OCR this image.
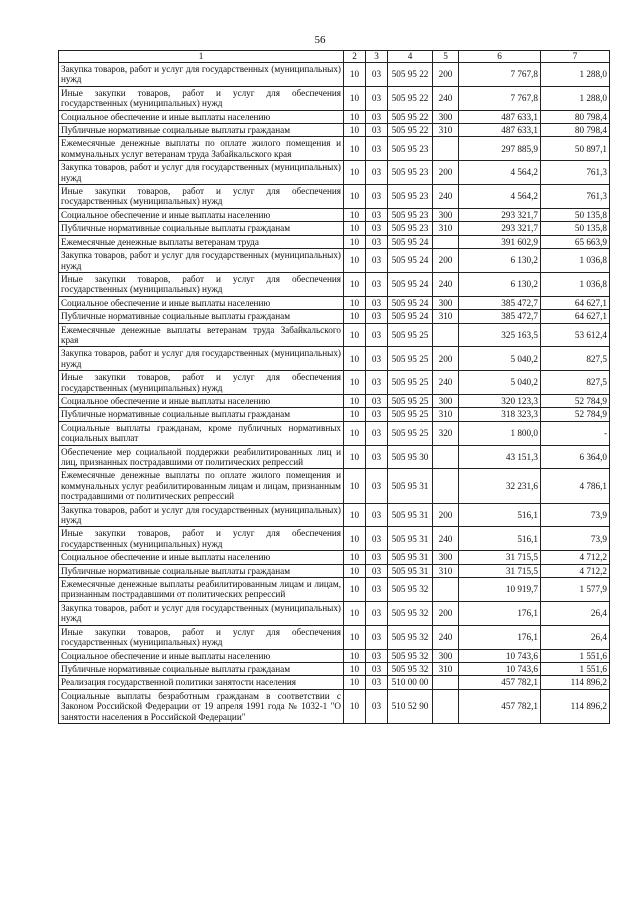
56
1	2	3	4	5	6	7
Закупка товаров, работ и услуг для государственных (муниципальных) нужд	10	03	505 95 22	200	7 767,8	1 288,0
Иные закупки товаров, работ и услуг для обеспечения государственных (муниципальных) нужд	10	03	505 95 22	240	7 767,8	1 288,0
Социальное обеспечение и иные выплаты населению	10	03	505 95 22	300	487 633,1	80 798,4
Публичные нормативные социальные выплаты гражданам	10	03	505 95 22	310	487 633,1	80 798,4
Ежемесячные денежные выплаты по оплате жилого помещения и коммунальных услуг ветеранам труда Забайкальского края	10	03	505 95 23		297 885,9	50 897,1
Закупка товаров, работ и услуг для государственных (муниципальных) нужд	10	03	505 95 23	200	4 564,2	761,3
Иные закупки товаров, работ и услуг для обеспечения государственных (муниципальных) нужд	10	03	505 95 23	240	4 564,2	761,3
Социальное обеспечение и иные выплаты населению	10	03	505 95 23	300	293 321,7	50 135,8
Публичные нормативные социальные выплаты гражданам	10	03	505 95 23	310	293 321,7	50 135,8
Ежемесячные денежные выплаты ветеранам труда	10	03	505 95 24		391 602,9	65 663,9
Закупка товаров, работ и услуг для государственных (муниципальных) нужд	10	03	505 95 24	200	6 130,2	1 036,8
Иные закупки товаров, работ и услуг для обеспечения государственных (муниципальных) нужд	10	03	505 95 24	240	6 130,2	1 036,8
Социальное обеспечение и иные выплаты населению	10	03	505 95 24	300	385 472,7	64 627,1
Публичные нормативные социальные выплаты гражданам	10	03	505 95 24	310	385 472,7	64 627,1
Ежемесячные денежные выплаты ветеранам труда Забайкальского края	10	03	505 95 25		325 163,5	53 612,4
Закупка товаров, работ и услуг для государственных (муниципальных) нужд	10	03	505 95 25	200	5 040,2	827,5
Иные закупки товаров, работ и услуг для обеспечения государственных (муниципальных) нужд	10	03	505 95 25	240	5 040,2	827,5
Социальное обеспечение и иные выплаты населению	10	03	505 95 25	300	320 123,3	52 784,9
Публичные нормативные социальные выплаты гражданам	10	03	505 95 25	310	318 323,3	52 784,9
Социальные выплаты гражданам, кроме публичных нормативных социальных выплат	10	03	505 95 25	320	1 800,0	-
Обеспечение мер социальной поддержки реабилитированных лиц и лиц, признанных пострадавшими от политических репрессий	10	03	505 95 30		43 151,3	6 364,0
Ежемесячные денежные выплаты по оплате жилого помещения и коммунальных услуг реабилитированным лицам и лицам, признанным пострадавшими от политических репрессий	10	03	505 95 31		32 231,6	4 786,1
Закупка товаров, работ и услуг для государственных (муниципальных) нужд	10	03	505 95 31	200	516,1	73,9
Иные закупки товаров, работ и услуг для обеспечения государственных (муниципальных) нужд	10	03	505 95 31	240	516,1	73,9
Социальное обеспечение и иные выплаты населению	10	03	505 95 31	300	31 715,5	4 712,2
Публичные нормативные социальные выплаты гражданам	10	03	505 95 31	310	31 715,5	4 712,2
Ежемесячные денежные выплаты реабилитированным лицам и лицам, признанным пострадавшими от политических репрессий	10	03	505 95 32		10 919,7	1 577,9
Закупка товаров, работ и услуг для государственных (муниципальных) нужд	10	03	505 95 32	200	176,1	26,4
Иные закупки товаров, работ и услуг для обеспечения государственных (муниципальных) нужд	10	03	505 95 32	240	176,1	26,4
Социальное обеспечение и иные выплаты населению	10	03	505 95 32	300	10 743,6	1 551,6
Публичные нормативные социальные выплаты гражданам	10	03	505 95 32	310	10 743,6	1 551,6
Реализация государственной политики занятости населения	10	03	510 00 00		457 782,1	114 896,2
Социальные выплаты безработным гражданам в соответствии с Законом Российской Федерации от 19 апреля 1991 года № 1032-1 "О занятости населения в Российской Федерации"	10	03	510 52 90		457 782,1	114 896,2
